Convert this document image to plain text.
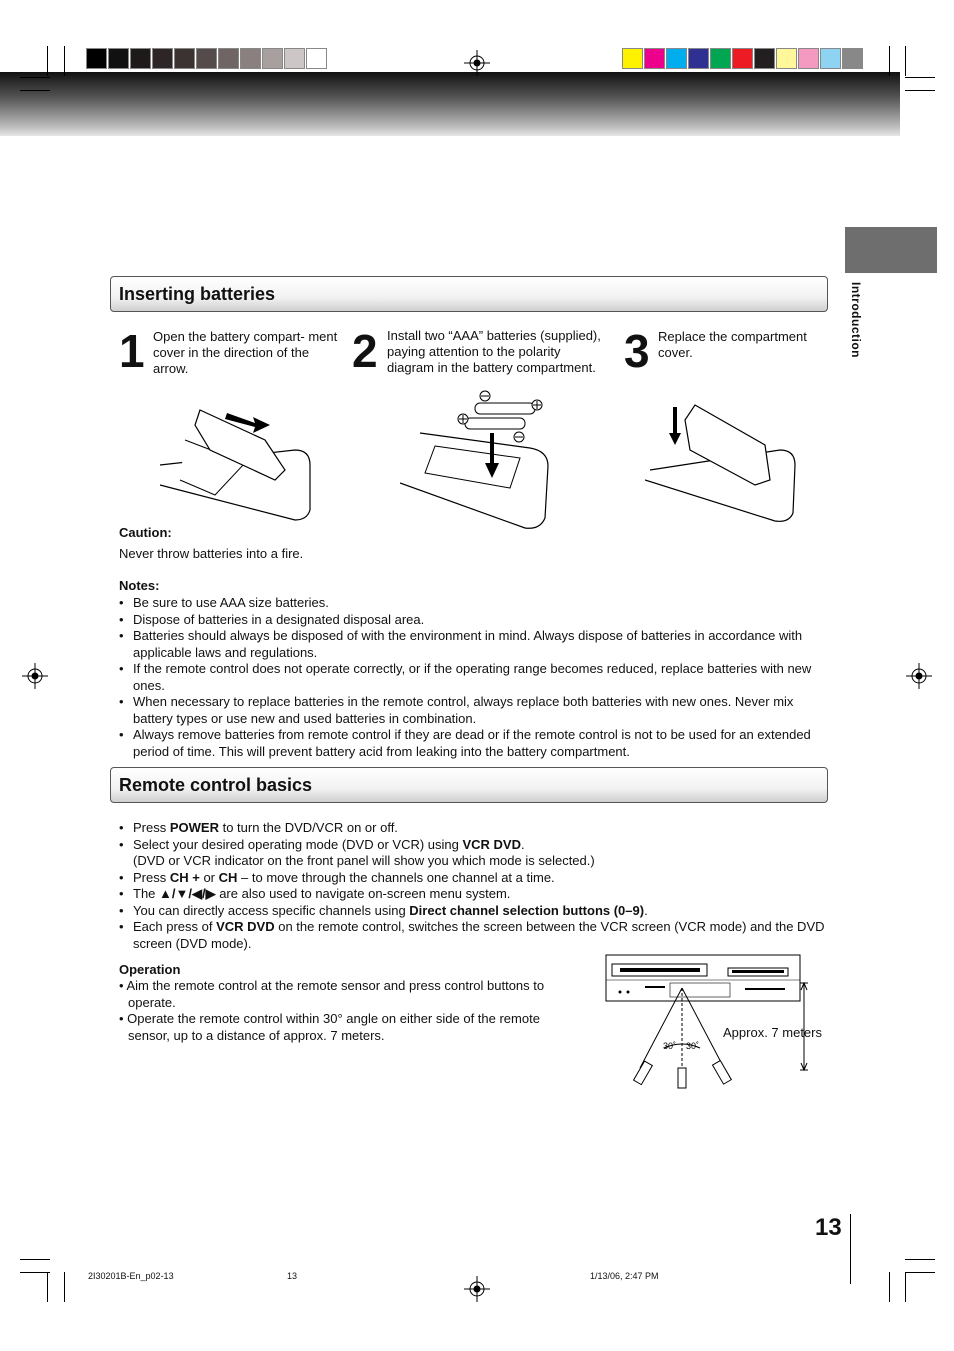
Introduction
Inserting batteries
1 Open the battery compart- ment cover in the direction of the arrow.	2 Install two “AAA” batteries (supplied), paying attention to the polarity diagram in the battery compartment. 3 Replace the compartment cover.
Caution:
Never throw batteries into a fire.
Notes:
• Be sure to use AAA size batteries.
• Dispose of batteries in a designated disposal area.
• Batteries should always be disposed of with the environment in mind. Always dispose of batteries in accordance with applicable laws and regulations.
• If the remote control does not operate correctly, or if the operating range becomes reduced, replace batteries with new ones.
• When necessary to replace batteries in the remote control, always replace both batteries with new ones. Never mix battery types or use new and used batteries in combination.
• Always remove batteries from remote control if they are dead or if the remote control is not to be used for an extended period of time. This will prevent battery acid from leaking into the battery compartment.
Remote control basics
• Press POWER to turn the DVD/VCR on or off.
• Select your desired operating mode (DVD or VCR) using VCR DVD.
(DVD or VCR indicator on the front panel will show you which mode is selected.)
• Press CH + or CH – to move through the channels one channel at a time.
• The ▲/▼/◀/▶ are also used to navigate on-screen menu system.
• You can directly access specific channels using Direct channel selection buttons (0–9).
• Each press of VCR DVD on the remote control, switches the screen between the VCR screen (VCR mode) and the DVD screen (DVD mode).
Operation
• Aim the remote control at the remote sensor and press control buttons to operate.
• Operate the remote control within 30° angle on either side of the remote sensor, up to a distance of approx. 7 meters.
30˚ 30˚
Approx. 7 meters
13
2I30201B-En_p02-13	13	1/13/06, 2:47 PM
